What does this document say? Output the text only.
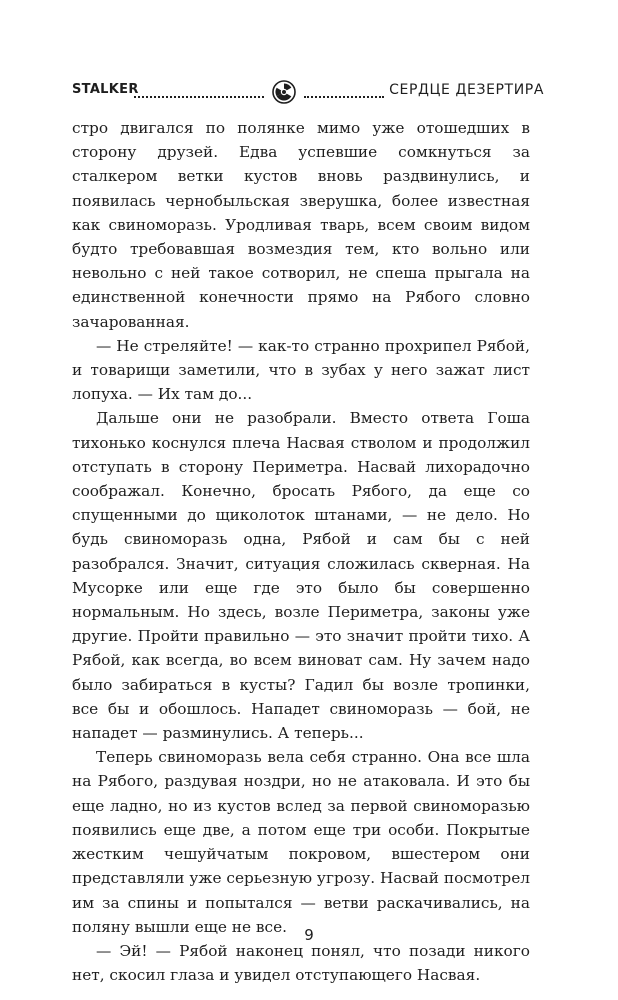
STALKER	СЕРДЦЕ ДЕЗЕРТИРА

стро двигался по полянке мимо уже отошедших в сторону друзей. Едва успевшие сомкнуться за сталкером ветки кустов вновь раздвинулись, и появилась чернобыльская зверушка, более известная как свиноморазь. Уродливая тварь, всем своим видом будто требовавшая возмездия тем, кто вольно или невольно с ней такое сотворил, не спеша прыгала на единственной конечности прямо на Рябого словно зачарованная.

— Не стреляйте! — как-то странно прохрипел Рябой, и товарищи заметили, что в зубах у него зажат лист лопуха. — Их там до...

Дальше они не разобрали. Вместо ответа Гоша тихонько коснулся плеча Насвая стволом и продолжил отступать в сторону Периметра. Насвай лихорадочно соображал. Конечно, бросать Рябого, да еще со спущенными до щиколоток штанами, — не дело. Но будь свиноморазь одна, Рябой и сам бы с ней разобрался. Значит, ситуация сложилась скверная. На Мусорке или еще где это было бы совершенно нормальным. Но здесь, возле Периметра, законы уже другие. Пройти правильно — это значит пройти тихо. А Рябой, как всегда, во всем виноват сам. Ну зачем надо было забираться в кусты? Гадил бы возле тропинки, все бы и обошлось. Нападет свиноморазь — бой, не нападет — разминулись. А теперь...

Теперь свиноморазь вела себя странно. Она все шла на Рябого, раздувая ноздри, но не атаковала. И это бы еще ладно, но из кустов вслед за первой свиноморазью появились еще две, а потом еще три особи. Покрытые жестким чешуйчатым покровом, вшестером они представляли уже серьезную угрозу. Насвай посмотрел им за спины и попытался — ветви раскачивались, на поляну вышли еще не все.

— Эй! — Рябой наконец понял, что позади никого нет, скосил глаза и увидел отступающего Насвая.

9
